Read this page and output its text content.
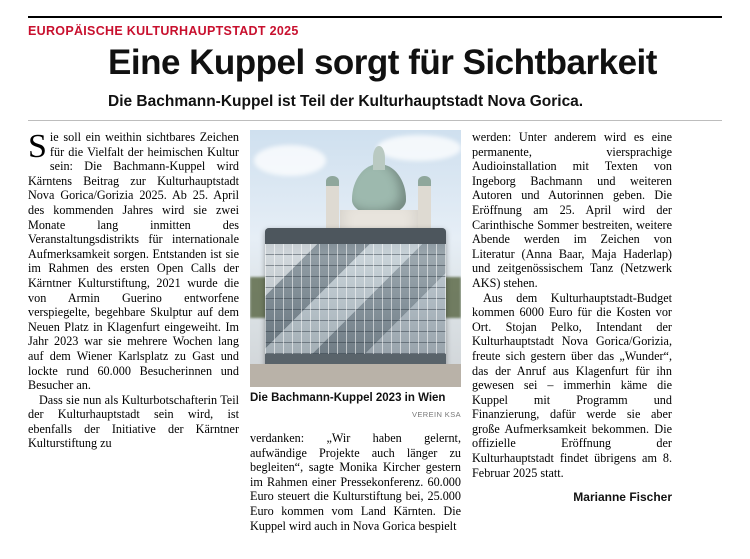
EUROPÄISCHE KULTURHAUPTSTADT 2025
Eine Kuppel sorgt für Sichtbarkeit
Die Bachmann-Kuppel ist Teil der Kulturhauptstadt Nova Gorica.

Sie soll ein weithin sichtbares Zeichen für die Vielfalt der heimischen Kultur sein: Die Bachmann-Kuppel wird Kärntens Beitrag zur Kulturhauptstadt Nova Gorica/Gorizia 2025. Ab 25. April des kommenden Jahres wird sie zwei Monate lang inmitten des Veranstaltungsdistrikts für internationale Aufmerksamkeit sorgen. Entstanden ist sie im Rahmen des ersten Open Calls der Kärntner Kulturstiftung, 2021 wurde die von Armin Guerino entworfene verspiegelte, begehbare Skulptur auf dem Neuen Platz in Klagenfurt eingeweiht. Im Jahr 2023 war sie mehrere Wochen lang auf dem Wiener Karlsplatz zu Gast und lockte rund 60.000 Besucherinnen und Besucher an.

Dass sie nun als Kulturbotschafterin Teil der Kulturhauptstadt sein wird, ist ebenfalls der Initiative der Kärntner Kulturstiftung zu

Die Bachmann-Kuppel 2023 in Wien
VEREIN KSA

verdanken: „Wir haben gelernt, aufwändige Projekte auch länger zu begleiten“, sagte Monika Kircher gestern im Rahmen einer Pressekonferenz. 60.000 Euro steuert die Kulturstiftung bei, 25.000 Euro kommen vom Land Kärnten. Die Kuppel wird auch in Nova Gorica bespielt

werden: Unter anderem wird es eine permanente, viersprachige Audioinstallation mit Texten von Ingeborg Bachmann und weiteren Autoren und Autorinnen geben. Die Eröffnung am 25. April wird der Carinthische Sommer bestreiten, weitere Abende werden im Zeichen von Literatur (Anna Baar, Maja Haderlap) und zeitgenössischem Tanz (Netzwerk AKS) stehen.

Aus dem Kulturhauptstadt-Budget kommen 6000 Euro für die Kosten vor Ort. Stojan Pelko, Intendant der Kulturhauptstadt Nova Gorica/Gorizia, freute sich gestern über das „Wunder“, das der Anruf aus Klagenfurt für ihn gewesen sei – immerhin käme die Kuppel mit Programm und Finanzierung, dafür werde sie aber große Aufmerksamkeit bekommen. Die offizielle Eröffnung der Kulturhauptstadt findet übrigens am 8. Februar 2025 statt.

Marianne Fischer
